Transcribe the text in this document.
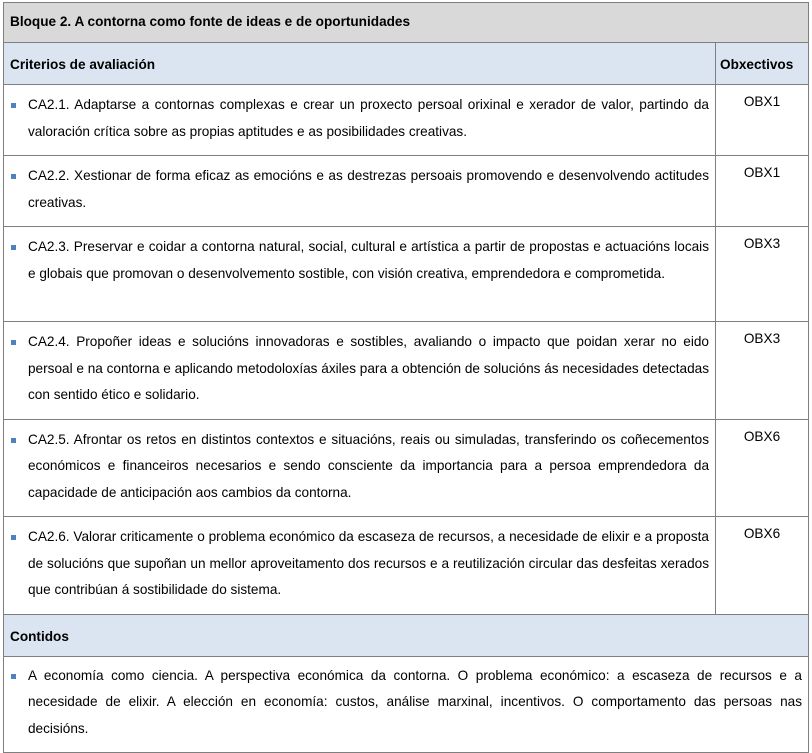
Bloque 2. A contorna como fonte de ideas e de oportunidades	
Criterios de avaliación	Obxectivos

CA2.1. Adaptarse a contornas complexas e crear un proxecto persoal orixinal e xerador de valor, partindo da valoración crítica sobre as propias aptitudes e as posibilidades creativas.	OBX1

CA2.2. Xestionar de forma eficaz as emocións e as destrezas persoais promovendo e desenvolvendo actitudes creativas.	OBX1

CA2.3. Preservar e coidar a contorna natural, social, cultural e artística a partir de propostas e actuacións locais e globais que promovan o desenvolvemento sostible, con visión creativa, emprendedora e comprometida.	OBX3

CA2.4. Propoñer ideas e solucións innovadoras e sostibles, avaliando o impacto que poidan xerar no eido persoal e na contorna e aplicando metodoloxías áxiles para a obtención de solucións ás necesidades detectadas con sentido ético e solidario.	OBX3

CA2.5. Afrontar os retos en distintos contextos e situacións, reais ou simuladas, transferindo os coñecementos económicos e financeiros necesarios e sendo consciente da importancia para a persoa emprendedora da capacidade de anticipación aos cambios da contorna.	OBX6

CA2.6. Valorar criticamente o problema económico da escaseza de recursos, a necesidade de elixir e a proposta de solucións que supoñan un mellor aproveitamento dos recursos e a reutilización circular das desfeitas xerados que contribúan á sostibilidade do sistema.	OBX6
Contidos	

A economía como ciencia. A perspectiva económica da contorna. O problema económico: a escaseza de recursos e a necesidade de elixir. A elección en economía: custos, análise marxinal, incentivos. O comportamento das persoas nas decisións.	
